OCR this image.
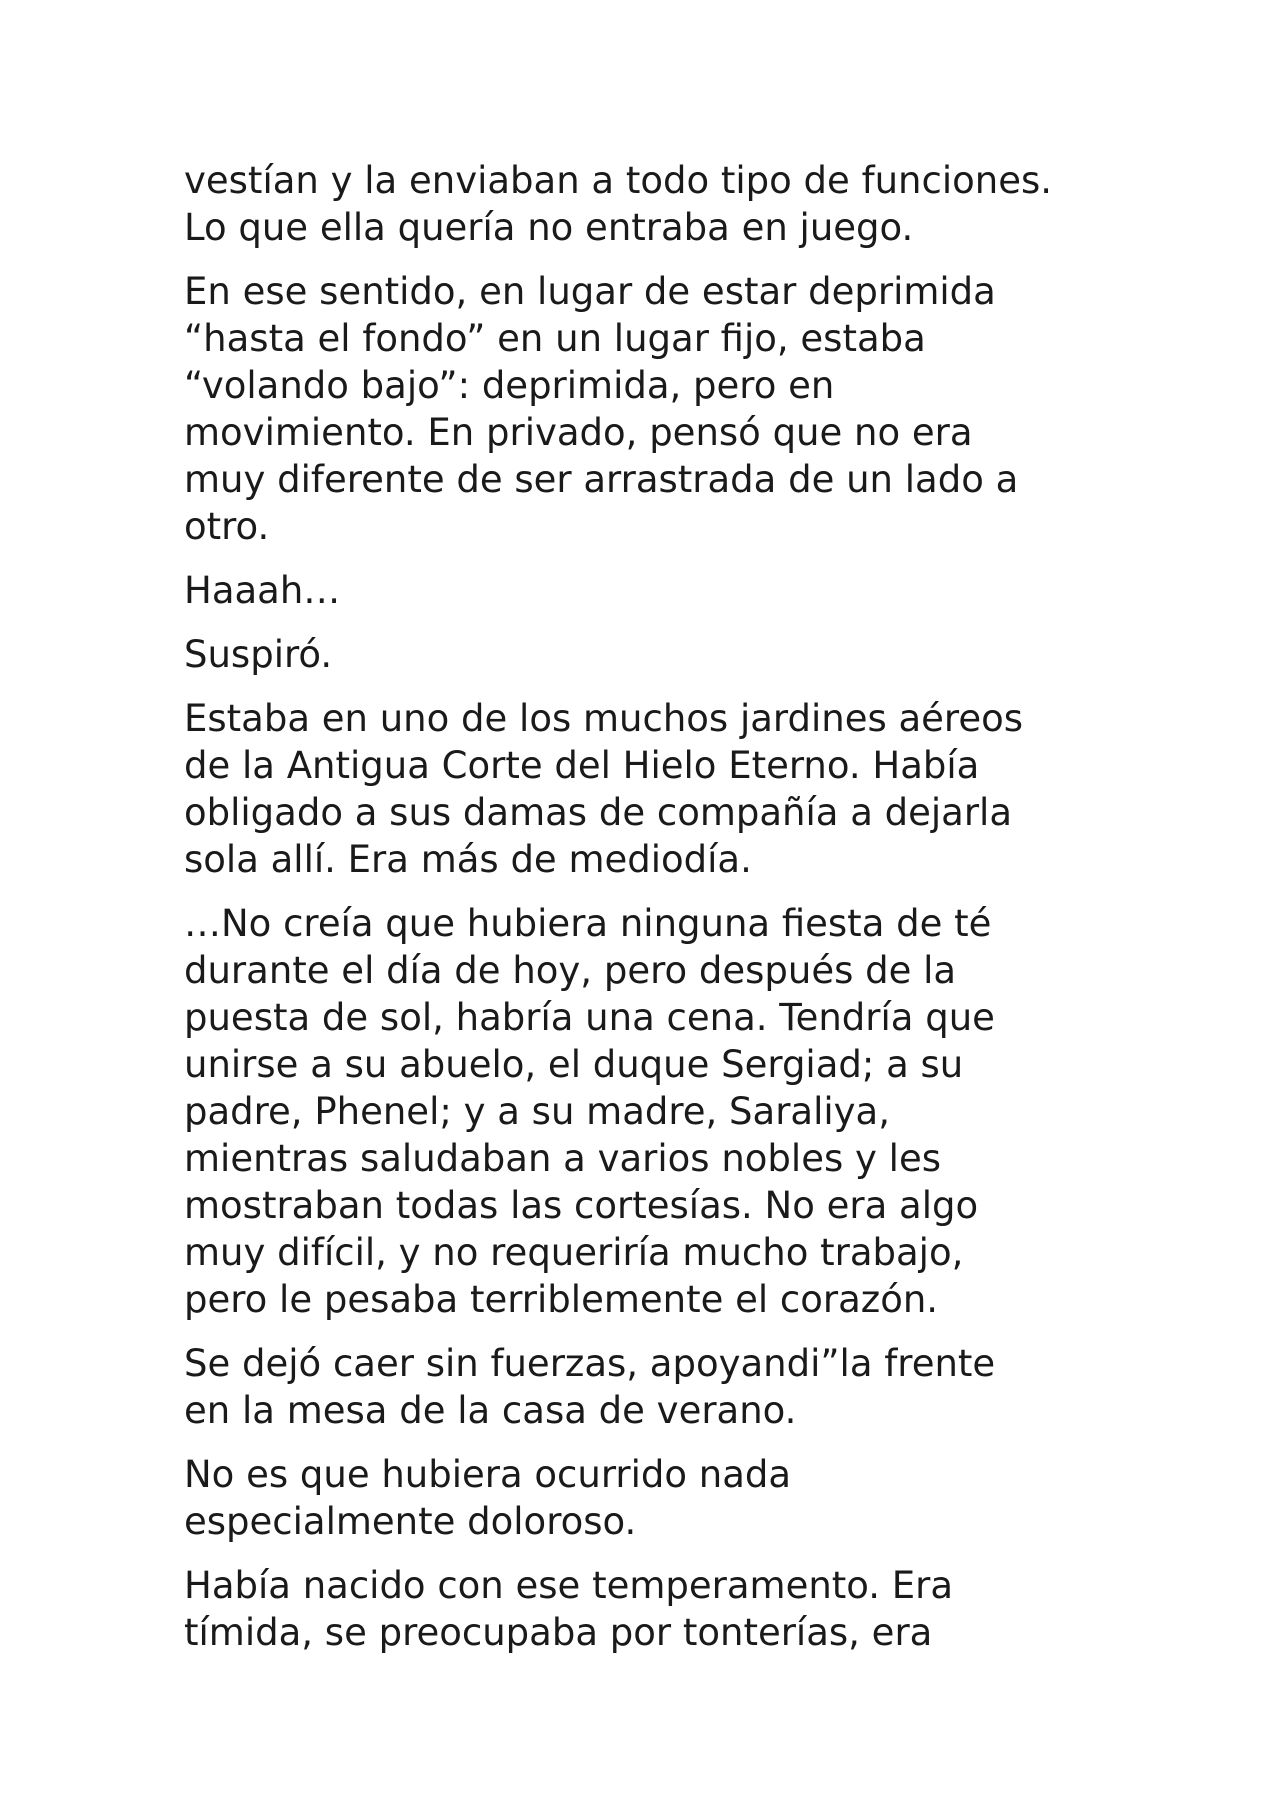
vestían y la enviaban a todo tipo de funciones.
Lo que ella quería no entraba en juego.

En ese sentido, en lugar de estar deprimida
“hasta el fondo” en un lugar fijo, estaba
“volando bajo”: deprimida, pero en
movimiento. En privado, pensó que no era
muy diferente de ser arrastrada de un lado a
otro.

Haaah…

Suspiró.

Estaba en uno de los muchos jardines aéreos
de la Antigua Corte del Hielo Eterno. Había
obligado a sus damas de compañía a dejarla
sola allí. Era más de mediodía.

…No creía que hubiera ninguna fiesta de té
durante el día de hoy, pero después de la
puesta de sol, habría una cena. Tendría que
unirse a su abuelo, el duque Sergiad; a su
padre, Phenel; y a su madre, Saraliya,
mientras saludaban a varios nobles y les
mostraban todas las cortesías. No era algo
muy difícil, y no requeriría mucho trabajo,
pero le pesaba terriblemente el corazón.

Se dejó caer sin fuerzas, apoyandi”la frente
en la mesa de la casa de verano.

No es que hubiera ocurrido nada
especialmente doloroso.

Había nacido con ese temperamento. Era
tímida, se preocupaba por tonterías, era
